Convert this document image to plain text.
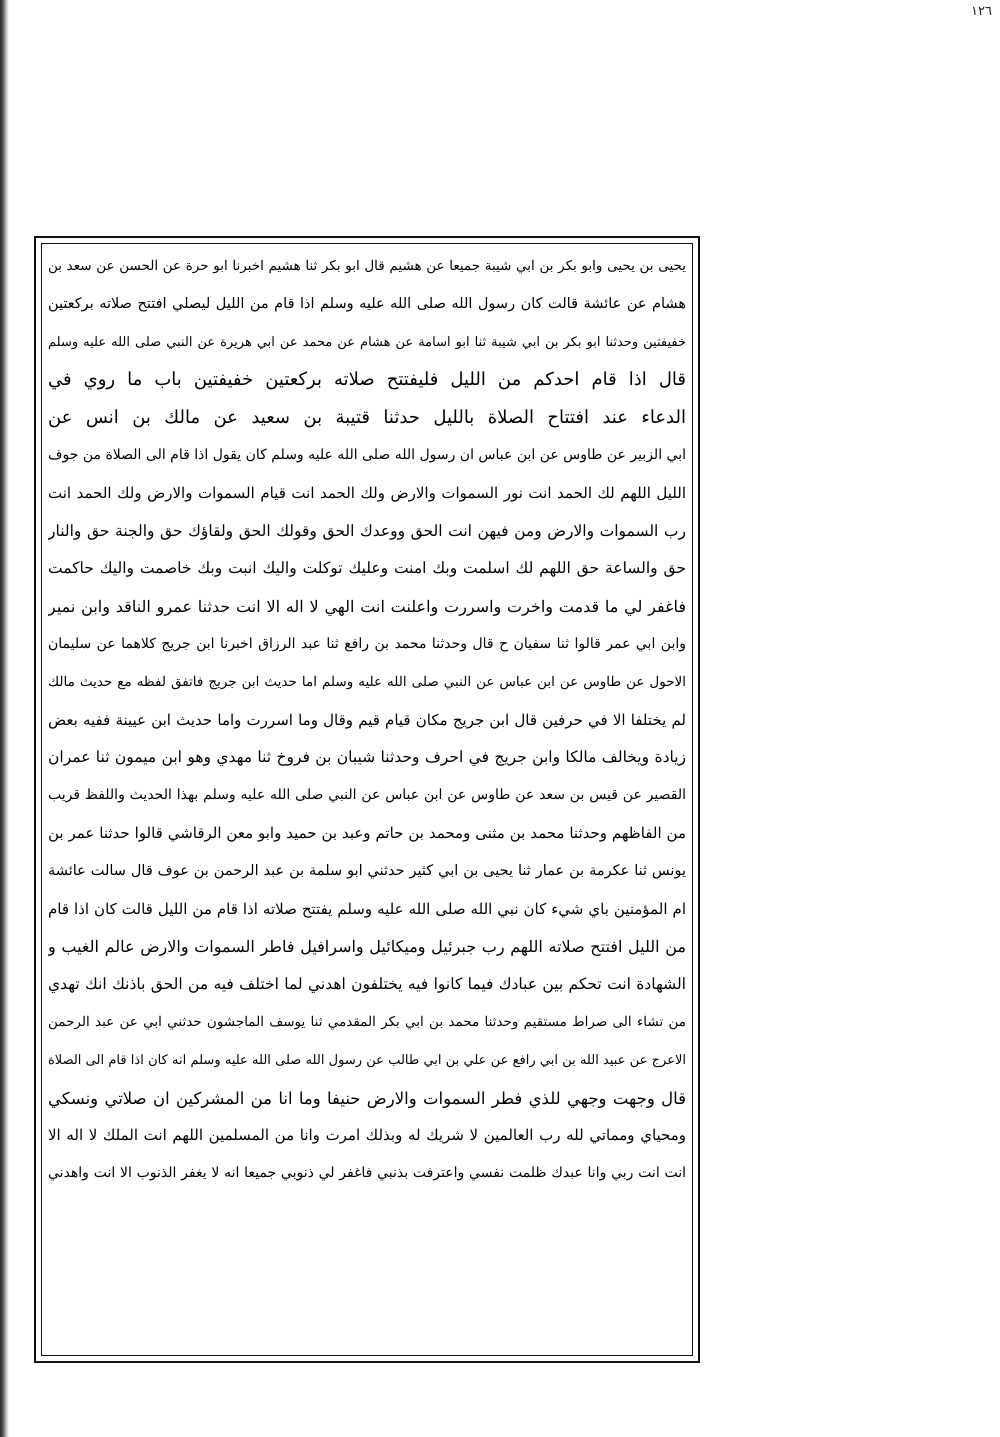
١٢٦
يحيى بن يحيى وابو بكر بن ابي شيبة جميعا عن هشيم قال ابو بكر ثنا هشيم اخبرنا ابو حرة عن الحسن عن سعد بن
هشام عن عائشة قالت كان رسول الله صلى الله عليه وسلم اذا قام من الليل ليصلي افتتح صلاته بركعتين
خفيفتين وحدثنا ابو بكر بن ابي شيبة ثنا ابو اسامة عن هشام عن محمد عن ابي هريرة عن النبي صلى الله عليه وسلم
قال اذا قام احدكم من الليل فليفتتح صلاته بركعتين خفيفتين باب ما روي في
الدعاء عند افتتاح الصلاة بالليل حدثنا قتيبة بن سعيد عن مالك بن انس عن
ابي الزبير عن طاوس عن ابن عباس ان رسول الله صلى الله عليه وسلم كان يقول اذا قام الى الصلاة من جوف
الليل اللهم لك الحمد انت نور السموات والارض ولك الحمد انت قيام السموات والارض ولك الحمد انت
رب السموات والارض ومن فيهن انت الحق ووعدك الحق وقولك الحق ولقاؤك حق والجنة حق والنار
حق والساعة حق اللهم لك اسلمت وبك امنت وعليك توكلت واليك انبت وبك خاصمت واليك حاكمت
فاغفر لي ما قدمت واخرت واسررت واعلنت انت الهي لا اله الا انت حدثنا عمرو الناقد وابن نمير
وابن ابي عمر قالوا ثنا سفيان ح قال وحدثنا محمد بن رافع ثنا عبد الرزاق اخبرنا ابن جريج كلاهما عن سليمان
الاحول عن طاوس عن ابن عباس عن النبي صلى الله عليه وسلم اما حديث ابن جريج فاتفق لفظه مع حديث مالك
لم يختلفا الا في حرفين قال ابن جريج مكان قيام قيم وقال وما اسررت واما حديث ابن عيينة ففيه بعض
زيادة ويخالف مالكا وابن جريج في احرف وحدثنا شيبان بن فروخ ثنا مهدي وهو ابن ميمون ثنا عمران
القصير عن قيس بن سعد عن طاوس عن ابن عباس عن النبي صلى الله عليه وسلم بهذا الحديث واللفظ قريب
من الفاظهم وحدثنا محمد بن مثنى ومحمد بن حاتم وعبد بن حميد وابو معن الرقاشي قالوا حدثنا عمر بن
يونس ثنا عكرمة بن عمار ثنا يحيى بن ابي كثير حدثني ابو سلمة بن عبد الرحمن بن عوف قال سالت عائشة
ام المؤمنين باي شيء كان نبي الله صلى الله عليه وسلم يفتتح صلاته اذا قام من الليل قالت كان اذا قام
من الليل افتتح صلاته اللهم رب جبرئيل وميكائيل واسرافيل فاطر السموات والارض عالم الغيب و
الشهادة انت تحكم بين عبادك فيما كانوا فيه يختلفون اهدني لما اختلف فيه من الحق باذنك انك تهدي
من تشاء الى صراط مستقيم وحدثنا محمد بن ابي بكر المقدمي ثنا يوسف الماجشون حدثني ابي عن عبد الرحمن
الاعرج عن عبيد الله بن ابي رافع عن علي بن ابي طالب عن رسول الله صلى الله عليه وسلم انه كان اذا قام الى الصلاة
قال وجهت وجهي للذي فطر السموات والارض حنيفا وما انا من المشركين ان صلاتي ونسكي
ومحياي ومماتي لله رب العالمين لا شريك له وبذلك امرت وانا من المسلمين اللهم انت الملك لا اله الا
انت انت ربي وانا عبدك ظلمت نفسي واعترفت بذنبي فاغفر لي ذنوبي جميعا انه لا يغفر الذنوب الا انت واهدني
